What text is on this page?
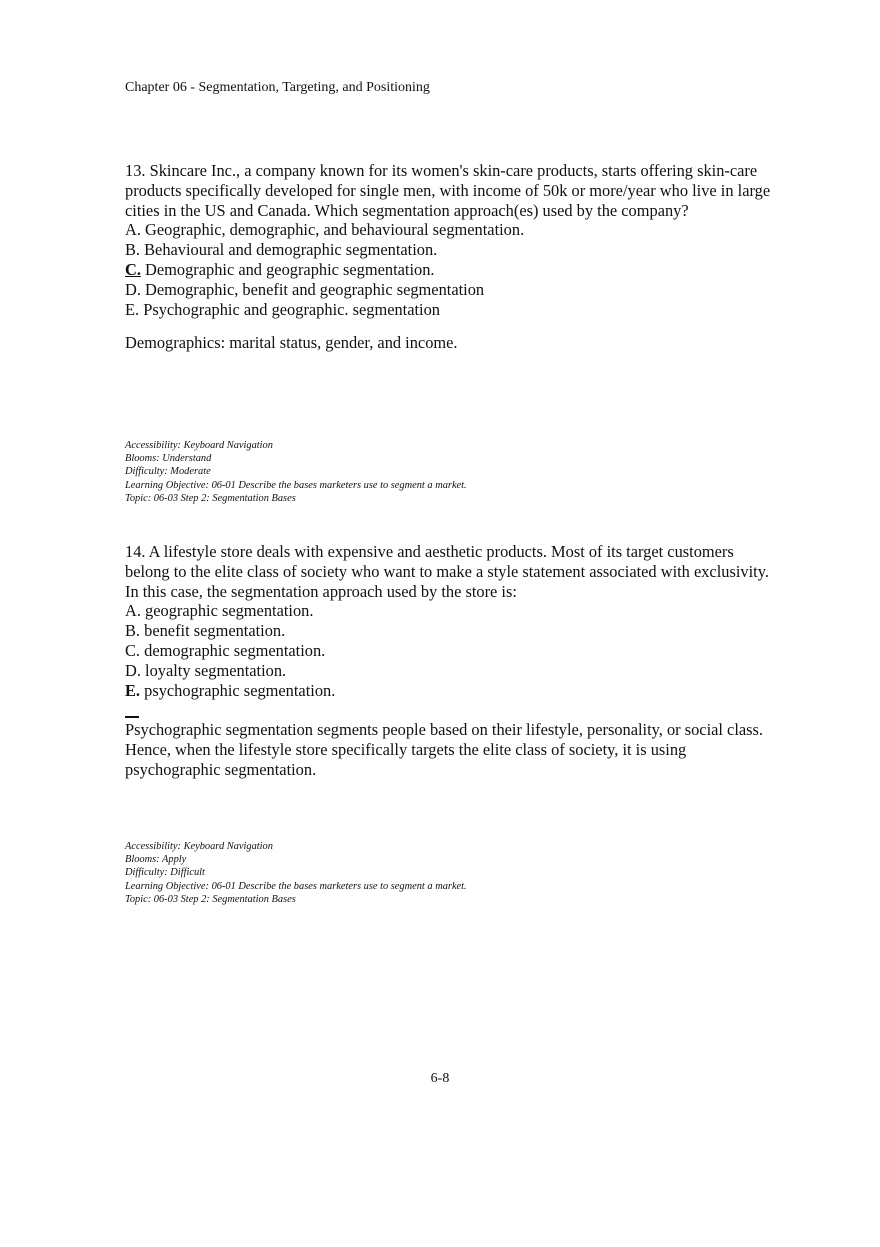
Chapter 06 - Segmentation, Targeting, and Positioning

13. Skincare Inc., a company known for its women's skin-care products, starts offering skin-care products specifically developed for single men, with income of 50k or more/year who live in large cities in the US and Canada. Which segmentation approach(es) used by the company?

A. Geographic, demographic, and behavioural segmentation.
B. Behavioural and demographic segmentation.
C. Demographic and geographic segmentation.
D. Demographic, benefit and geographic segmentation
E. Psychographic and geographic. segmentation

Demographics: marital status, gender, and income.

Accessibility: Keyboard Navigation
Blooms: Understand
Difficulty: Moderate
Learning Objective: 06-01 Describe the bases marketers use to segment a market.
Topic: 06-03 Step 2: Segmentation Bases

14. A lifestyle store deals with expensive and aesthetic products. Most of its target customers belong to the elite class of society who want to make a style statement associated with exclusivity. In this case, the segmentation approach used by the store is:

A. geographic segmentation.
B. benefit segmentation.
C. demographic segmentation.
D. loyalty segmentation.
E. psychographic segmentation.

Psychographic segmentation segments people based on their lifestyle, personality, or social class. Hence, when the lifestyle store specifically targets the elite class of society, it is using psychographic segmentation.

Accessibility: Keyboard Navigation
Blooms: Apply
Difficulty: Difficult
Learning Objective: 06-01 Describe the bases marketers use to segment a market.
Topic: 06-03 Step 2: Segmentation Bases
6-8
